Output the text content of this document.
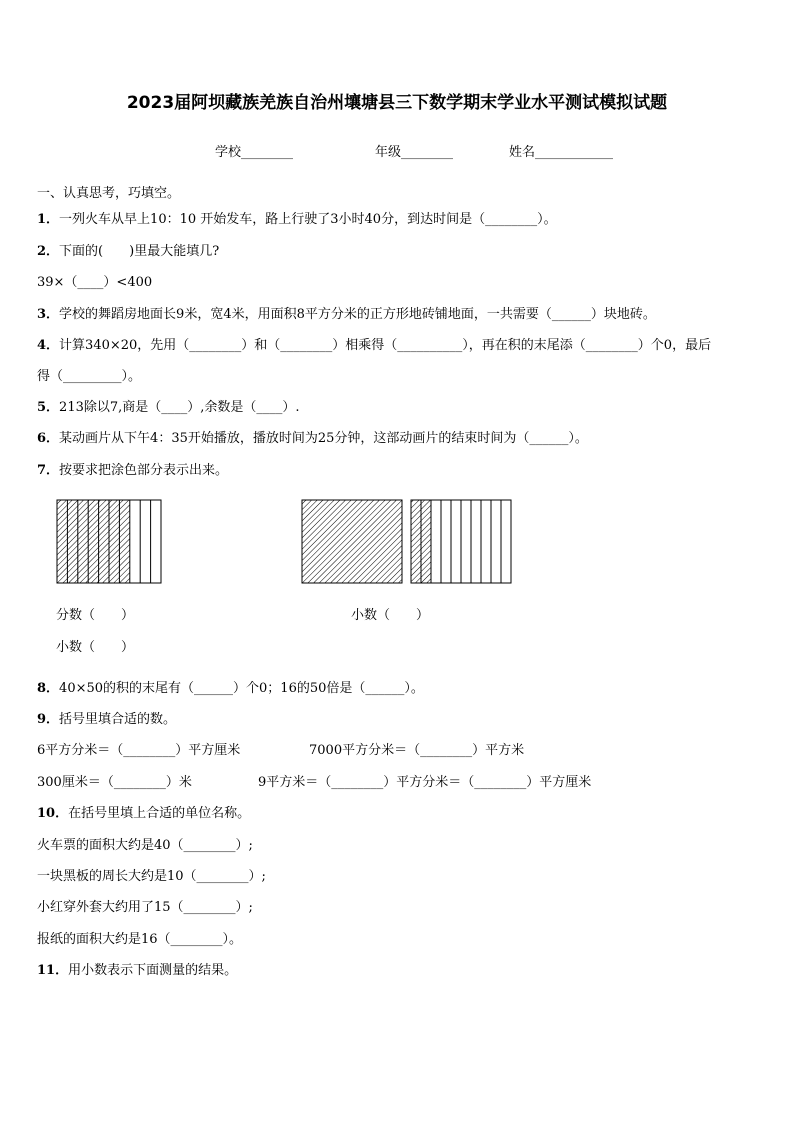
2023届阿坝藏族羌族自治州壤塘县三下数学期末学业水平测试模拟试题
学校________	年级________	姓名____________
一、认真思考，巧填空。
1．一列火车从早上10：10 开始发车，路上行驶了3小时40分，到达时间是（________）。
2．下面的(　　)里最大能填几?
39×（____）<400
3．学校的舞蹈房地面长9米，宽4米，用面积8平方分米的正方形地砖铺地面，一共需要（______）块地砖。
4．计算340×20，先用（________）和（________）相乘得（__________），再在积的末尾添（________）个0，最后
得（_________）。
5．213除以7,商是（____）,余数是（____）.
6．某动画片从下午4：35开始播放，播放时间为25分钟，这部动画片的结束时间为（______）。
7．按要求把涂色部分表示出来。
分数（　　）
小数（　　）
小数（　　）
8．40×50的积的末尾有（______）个0；16的50倍是（______）。
9．括号里填合适的数。
6平方分米＝（________）平方厘米	7000平方分米＝（________）平方米
300厘米＝（________）米	9平方米＝（________）平方分米＝（________）平方厘米
10．在括号里填上合适的单位名称。
火车票的面积大约是40（________）;
一块黑板的周长大约是10（________）;
小红穿外套大约用了15（________）;
报纸的面积大约是16（________）。
11．用小数表示下面测量的结果。
